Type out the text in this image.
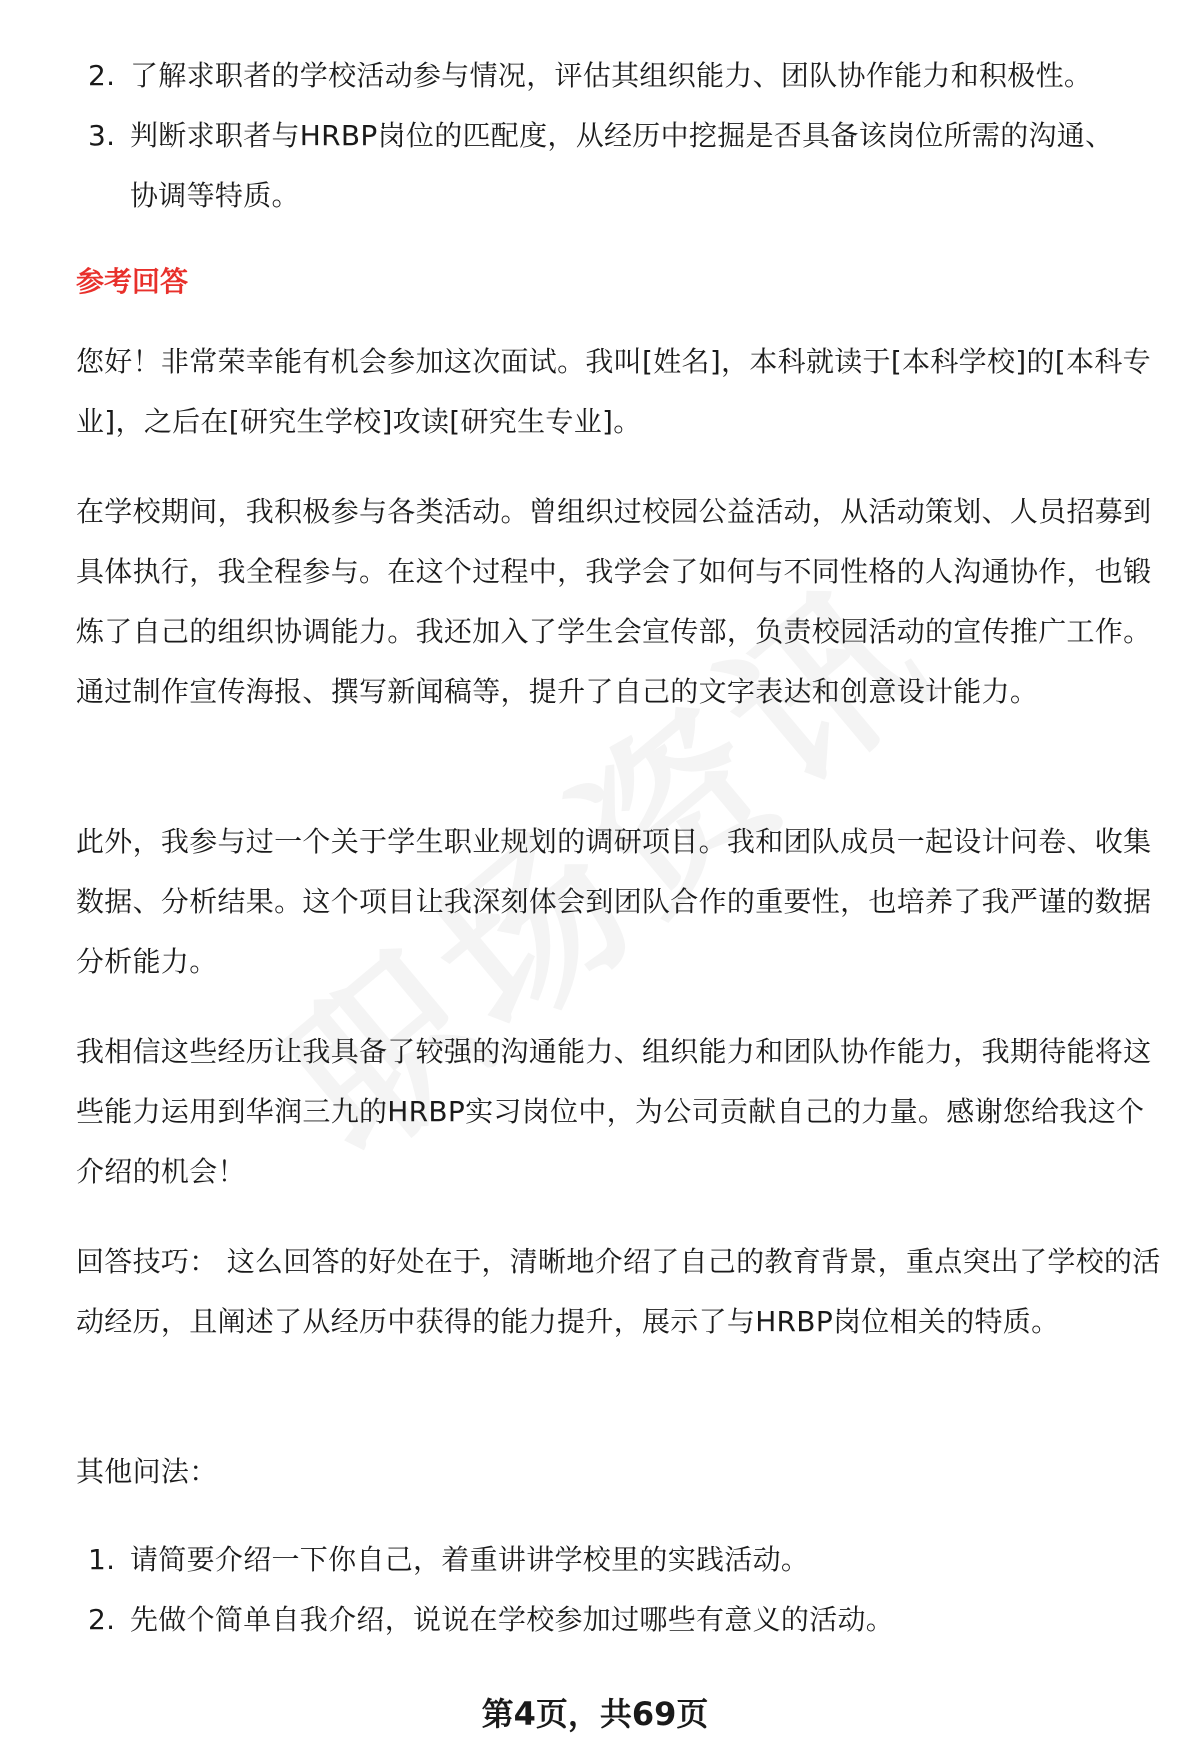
2. 了解求职者的学校活动参与情况，评估其组织能力、团队协作能力和积极性。
3. 判断求职者与HRBP岗位的匹配度，从经历中挖掘是否具备该岗位所需的沟通、协调等特质。
参考回答

您好！非常荣幸能有机会参加这次面试。我叫[姓名]，本科就读于[本科学校]的[本科专业]，之后在[研究生学校]攻读[研究生专业]。

在学校期间，我积极参与各类活动。曾组织过校园公益活动，从活动策划、人员招募到具体执行，我全程参与。在这个过程中，我学会了如何与不同性格的人沟通协作，也锻炼了自己的组织协调能力。我还加入了学生会宣传部，负责校园活动的宣传推广工作。通过制作宣传海报、撰写新闻稿等，提升了自己的文字表达和创意设计能力。

此外，我参与过一个关于学生职业规划的调研项目。我和团队成员一起设计问卷、收集数据、分析结果。这个项目让我深刻体会到团队合作的重要性，也培养了我严谨的数据分析能力。

我相信这些经历让我具备了较强的沟通能力、组织能力和团队协作能力，我期待能将这些能力运用到华润三九的HRBP实习岗位中，为公司贡献自己的力量。感谢您给我这个介绍的机会！

回答技巧： 这么回答的好处在于，清晰地介绍了自己的教育背景，重点突出了学校的活动经历，且阐述了从经历中获得的能力提升，展示了与HRBP岗位相关的特质。

其他问法：

1. 请简要介绍一下你自己，着重讲讲学校里的实践活动。
2. 先做个简单自我介绍，说说在学校参加过哪些有意义的活动。
第4页，共69页
